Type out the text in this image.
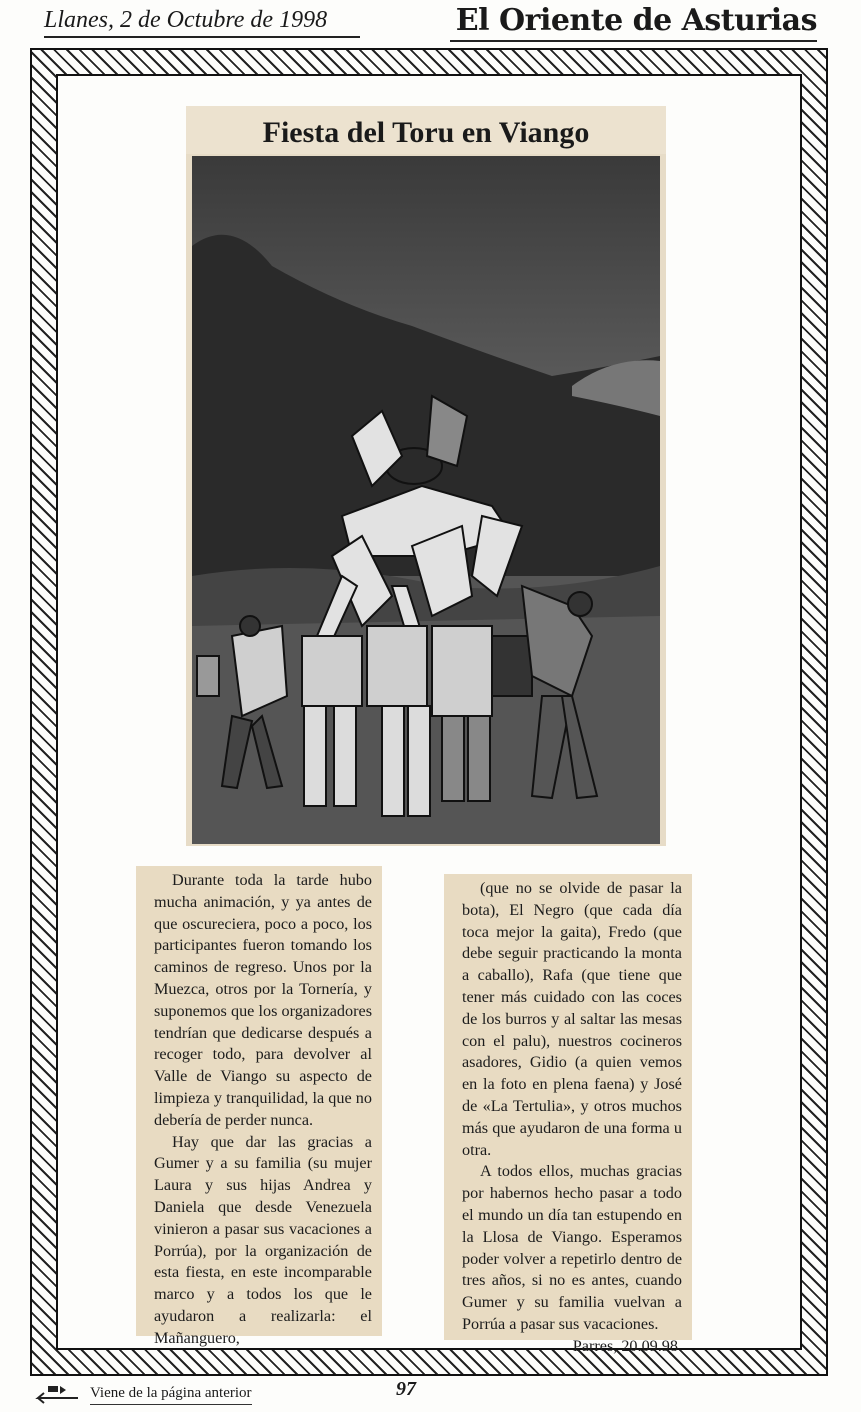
Llanes, 2 de Octubre de 1998	El Oriente de Asturias
Fiesta del Toru en Viango

Durante toda la tarde hubo mucha animación, y ya antes de que oscureciera, poco a poco, los participantes fueron tomando los caminos de regreso. Unos por la Muezca, otros por la Tornería, y suponemos que los organizadores tendrían que dedicarse después a recoger todo, para devolver al Valle de Viango su aspecto de limpieza y tranquilidad, la que no debería de perder nunca.

Hay que dar las gracias a Gumer y a su familia (su mujer Laura y sus hijas Andrea y Daniela que desde Venezuela vinieron a pasar sus vacaciones a Porrúa), por la organización de esta fiesta, en este incomparable marco y a todos los que le ayudaron a realizarla: el Mañanguero,

(que no se olvide de pasar la bota), El Negro (que cada día toca mejor la gaita), Fredo (que debe seguir practicando la monta a caballo), Rafa (que tiene que tener más cuidado con las coces de los burros y al saltar las mesas con el palu), nuestros cocineros asadores, Gidio (a quien vemos en la foto en plena faena) y José de «La Tertulia», y otros muchos más que ayudaron de una forma u otra.

A todos ellos, muchas gracias por habernos hecho pasar a todo el mundo un día tan estupendo en la Llosa de Viango. Esperamos poder volver a repetirlo dentro de tres años, si no es antes, cuando Gumer y su familia vuelvan a Porrúa a pasar sus vacaciones.

Parres, 20.09.98
Viene de la página anterior	97
